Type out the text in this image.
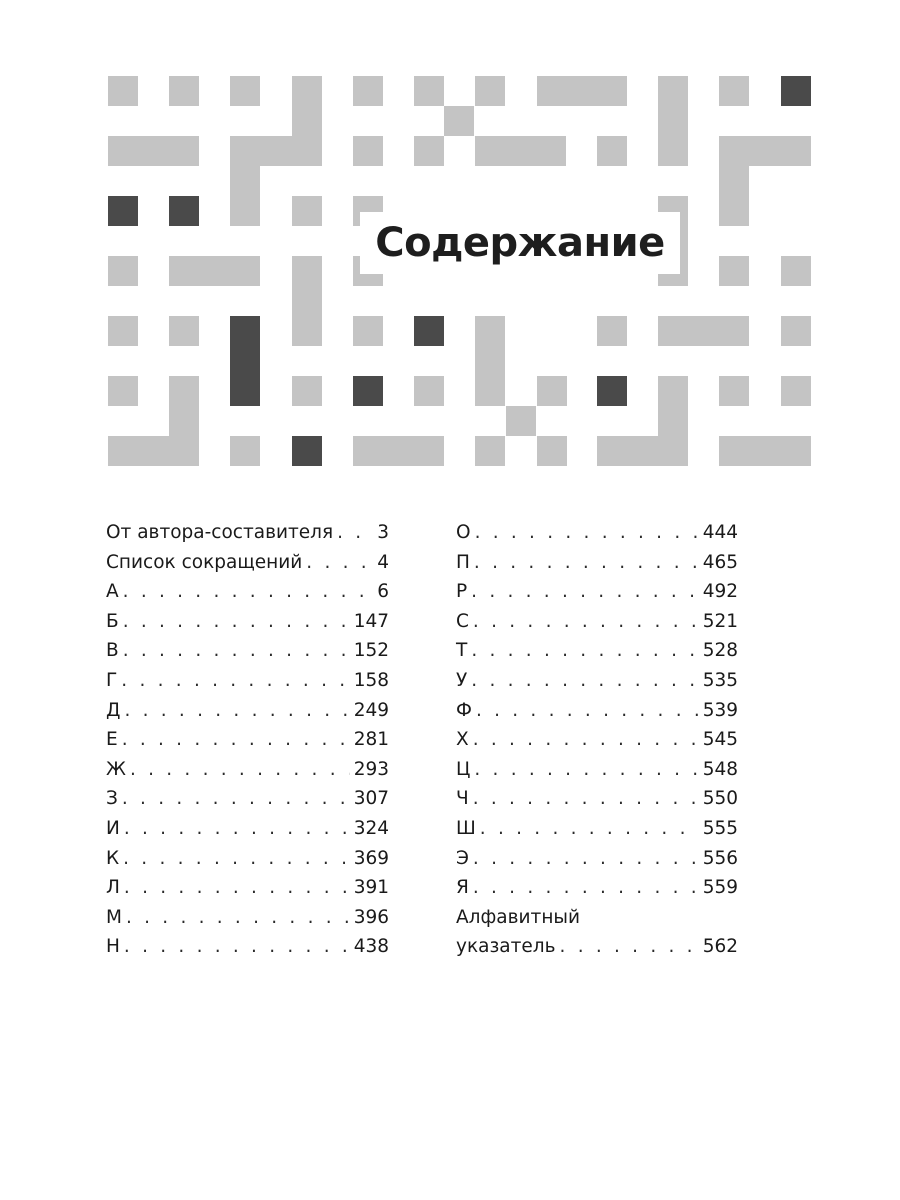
Содержание
От автора-составителя . . . 3
Список сокращений . . .	4
А . . .	6
Б . . .	147
В . . .	152
Г . . .	158
Д . . .	249
Е . . .	281
Ж . . .	293
З . . .	307
И . . .	324
К . . .	369
Л . . .	391
М . . .	396
Н . . .	438
О . . .	444
П . . .	465
Р . . .	492
С . . .	521
Т . . .	528
У . . .	535
Ф . . .	539
Х . . .	545
Ц . . .	548
Ч . . .	550
Ш . . .	555
Э . . .	556
Я . . .	559
Алфавитный
указатель . . .	562
